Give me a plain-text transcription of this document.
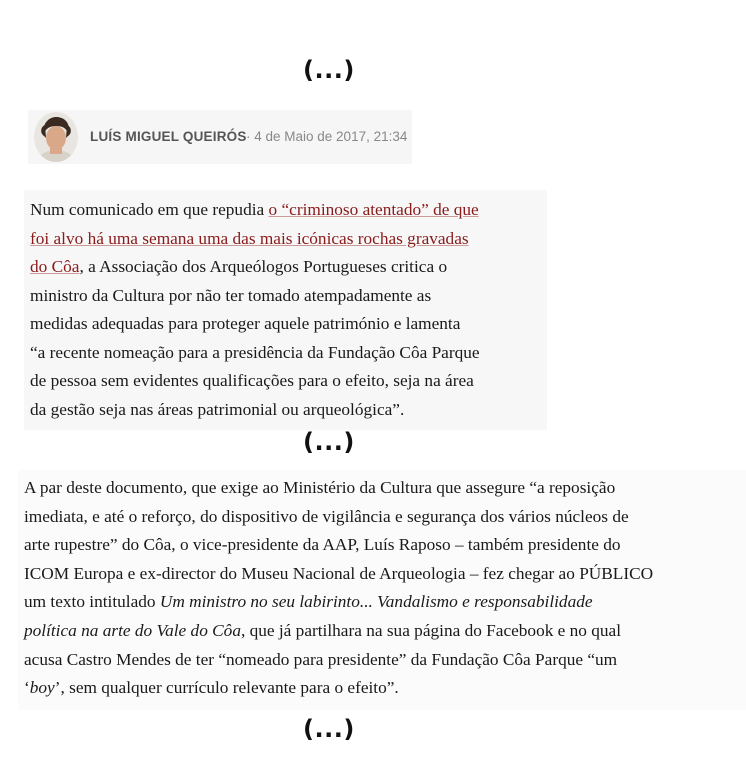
(...)
LUÍS MIGUEL QUEIRÓS · 4 de Maio de 2017, 21:34
Num comunicado em que repudia o “criminoso atentado” de que
foi alvo há uma semana uma das mais icónicas rochas gravadas
do Côa, a Associação dos Arqueólogos Portugueses critica o
ministro da Cultura por não ter tomado atempadamente as
medidas adequadas para proteger aquele património e lamenta
“a recente nomeação para a presidência da Fundação Côa Parque
de pessoa sem evidentes qualificações para o efeito, seja na área
da gestão seja nas áreas patrimonial ou arqueológica”.
(...)
A par deste documento, que exige ao Ministério da Cultura que assegure “a reposição
imediata, e até o reforço, do dispositivo de vigilância e segurança dos vários núcleos de
arte rupestre” do Côa, o vice-presidente da AAP, Luís Raposo – também presidente do
ICOM Europa e ex-director do Museu Nacional de Arqueologia – fez chegar ao PÚBLICO
um texto intitulado Um ministro no seu labirinto... Vandalismo e responsabilidade
política na arte do Vale do Côa, que já partilhara na sua página do Facebook e no qual
acusa Castro Mendes de ter “nomeado para presidente” da Fundação Côa Parque “um
‘boy’, sem qualquer currículo relevante para o efeito”.
(...)
